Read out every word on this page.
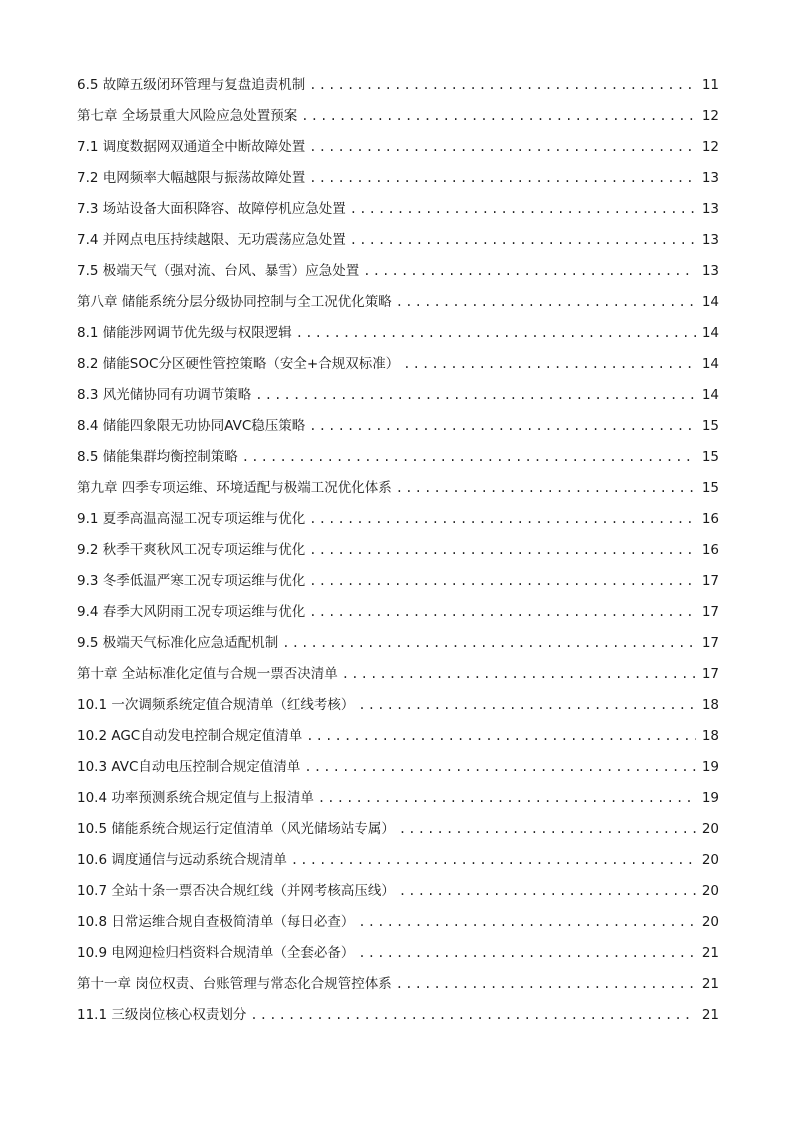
6.5 故障五级闭环管理与复盘追责机制 .....	11
第七章 全场景重大风险应急处置预案 .....	12
7.1 调度数据网双通道全中断故障处置 .....	12
7.2 电网频率大幅越限与振荡故障处置 .....	13
7.3 场站设备大面积降容、故障停机应急处置 .....	13
7.4 并网点电压持续越限、无功震荡应急处置 .....	13
7.5 极端天气（强对流、台风、暴雪）应急处置 .....	13
第八章 储能系统分层分级协同控制与全工况优化策略 .....	14
8.1 储能涉网调节优先级与权限逻辑 .....	14
8.2 储能SOC分区硬性管控策略（安全+合规双标准） .....	14
8.3 风光储协同有功调节策略 .....	14
8.4 储能四象限无功协同AVC稳压策略 .....	15
8.5 储能集群均衡控制策略 .....	15
第九章 四季专项运维、环境适配与极端工况优化体系 .....	15
9.1 夏季高温高湿工况专项运维与优化 .....	16
9.2 秋季干爽秋风工况专项运维与优化 .....	16
9.3 冬季低温严寒工况专项运维与优化 .....	17
9.4 春季大风阴雨工况专项运维与优化 .....	17
9.5 极端天气标准化应急适配机制 .....	17
第十章 全站标准化定值与合规一票否决清单 .....	17
10.1 一次调频系统定值合规清单（红线考核） .....	18
10.2 AGC自动发电控制合规定值清单 .....	18
10.3 AVC自动电压控制合规定值清单 .....	19
10.4 功率预测系统合规定值与上报清单 .....	19
10.5 储能系统合规运行定值清单（风光储场站专属） .....	20
10.6 调度通信与远动系统合规清单 .....	20
10.7 全站十条一票否决合规红线（并网考核高压线） .....	20
10.8 日常运维合规自查极简清单（每日必查） .....	20
10.9 电网迎检归档资料合规清单（全套必备） .....	21
第十一章 岗位权责、台账管理与常态化合规管控体系 .....	21
11.1 三级岗位核心权责划分 .....	21
